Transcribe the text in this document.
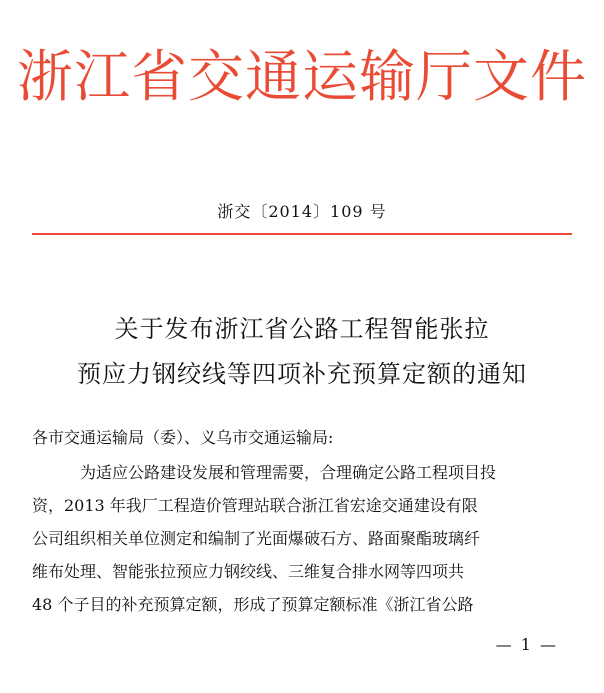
浙江省交通运输厅文件
浙交〔2014〕109 号
关于发布浙江省公路工程智能张拉
预应力钢绞线等四项补充预算定额的通知
各市交通运输局（委）、义乌市交通运输局:
为适应公路建设发展和管理需要，合理确定公路工程项目投
资，2013 年我厂工程造价管理站联合浙江省宏途交通建设有限
公司组织相关单位测定和编制了光面爆破石方、路面聚酯玻璃纤
维布处理、智能张拉预应力钢绞线、三维复合排水网等四项共
48 个子目的补充预算定额，形成了预算定额标准《浙江省公路
— 1 —
